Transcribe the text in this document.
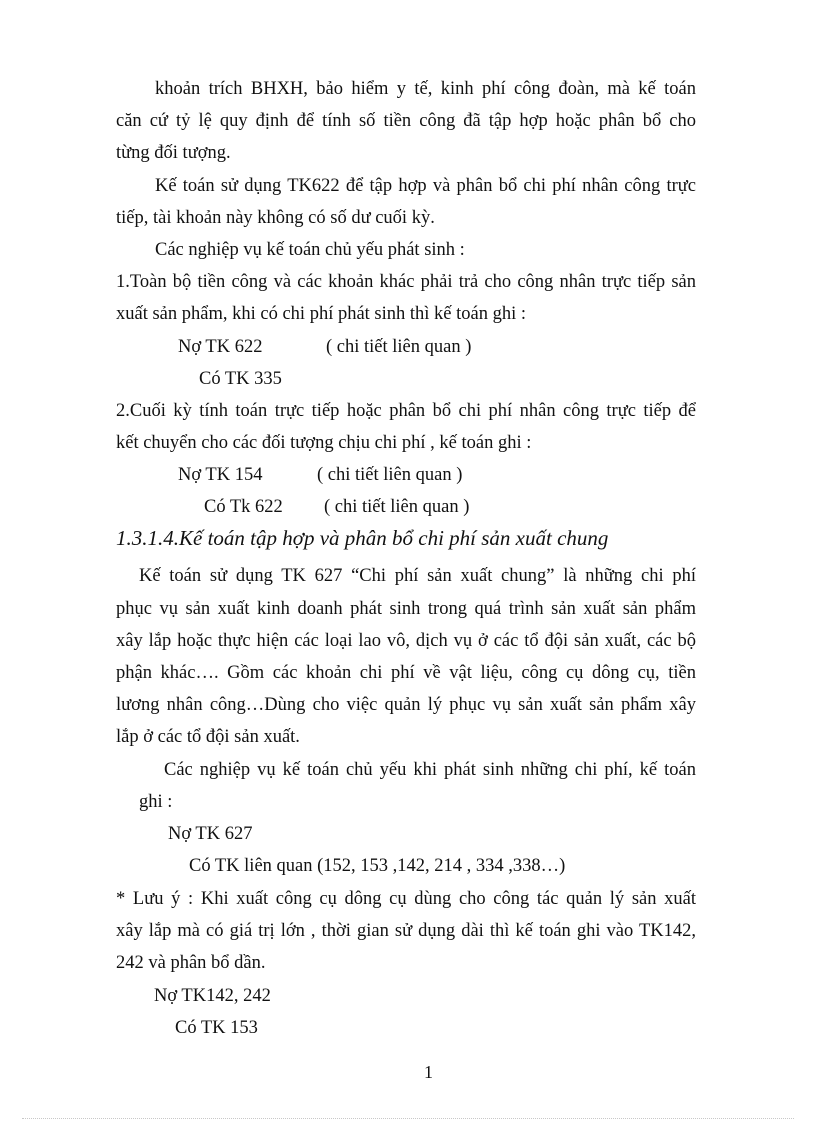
khoản trích BHXH, bảo hiểm y tế, kinh phí công đoàn, mà kế toán
căn cứ tỷ lệ quy định để tính số tiền công đã tập hợp hoặc phân bổ cho
từng đối tượng.
Kế toán sử dụng TK622 để tập hợp và phân bổ chi phí nhân công trực
tiếp, tài khoản này không có số dư cuối kỳ.
Các nghiệp vụ kế toán chủ yếu phát sinh :
1.Toàn bộ tiền công và các khoản khác phải trả cho công nhân trực tiếp sản
xuất sản phẩm, khi có chi phí phát sinh thì kế toán ghi :
Nợ TK 622	( chi tiết liên quan )
Có TK 335
2.Cuối kỳ tính toán trực tiếp hoặc phân bổ chi phí nhân công trực tiếp để
kết chuyển cho các đối tượng chịu chi phí , kế toán ghi :
Nợ TK 154	( chi tiết liên quan )
Có Tk 622 ( chi tiết liên quan )
1.3.1.4.Kế toán tập hợp và phân bổ chi phí sản xuất chung
Kế toán sử dụng TK 627 “Chi phí sản xuất chung” là những chi phí
phục vụ sản xuất kinh doanh phát sinh trong quá trình sản xuất sản phẩm
xây lắp hoặc thực hiện các loại lao vô, dịch vụ ở các tổ đội sản xuất, các bộ
phận khác…. Gồm các khoản chi phí về vật liệu, công cụ dông cụ, tiền
lương nhân công…Dùng cho việc quản lý phục vụ sản xuất sản phẩm xây
lắp ở các tổ đội sản xuất.
Các nghiệp vụ kế toán chủ yếu khi phát sinh những chi phí, kế toán
ghi :
Nợ TK 627
Có TK liên quan (152, 153 ,142, 214 , 334 ,338…)
* Lưu ý : Khi xuất công cụ dông cụ dùng cho công tác quản lý sản xuất
xây lắp mà có giá trị lớn , thời gian sử dụng dài thì kế toán ghi vào TK142,
242 và phân bổ dần.
Nợ TK142, 242
Có TK 153
1
